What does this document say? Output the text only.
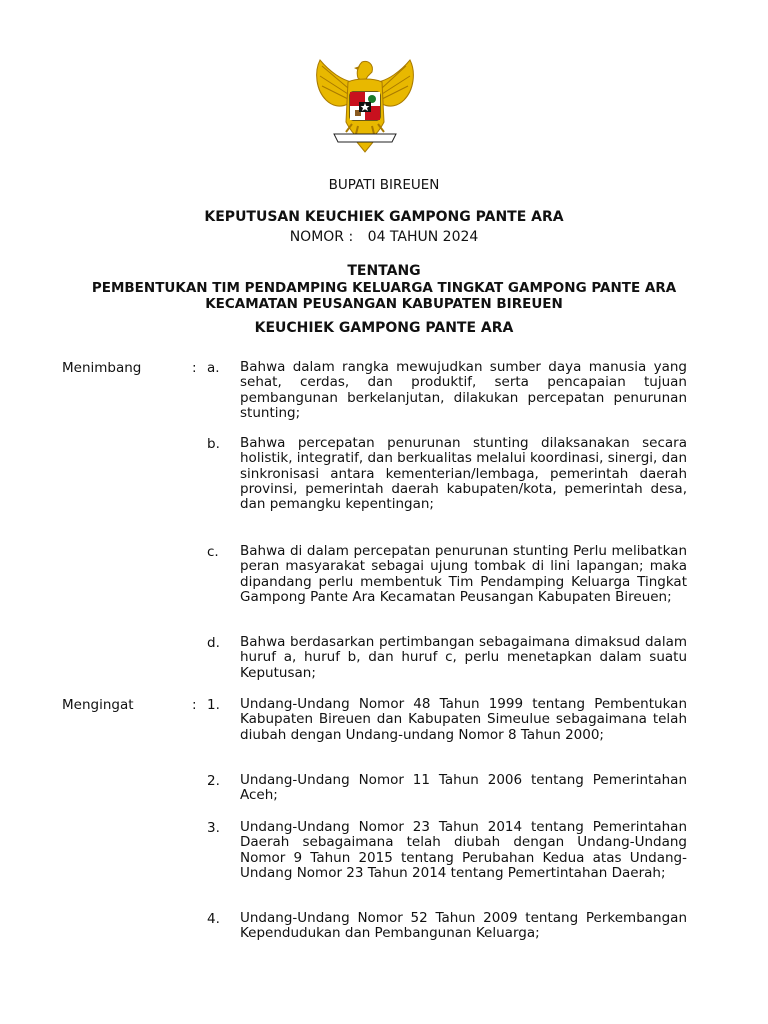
BUPATI BIREUEN
KEPUTUSAN KEUCHIEK GAMPONG PANTE ARA
NOMOR : 04 TAHUN 2024
TENTANG
PEMBENTUKAN TIM PENDAMPING KELUARGA TINGKAT GAMPONG PANTE ARA
KECAMATAN PEUSANGAN KABUPATEN BIREUEN
KEUCHIEK GAMPONG PANTE ARA
Menimbang	: a. Bahwa dalam rangka mewujudkan sumber daya manusia yang sehat, cerdas, dan produktif, serta pencapaian tujuan pembangunan berkelanjutan, dilakukan percepatan penurunan stunting;
b. Bahwa percepatan penurunan stunting dilaksanakan secara holistik, integratif, dan berkualitas melalui koordinasi, sinergi, dan sinkronisasi antara kementerian/lembaga, pemerintah daerah provinsi, pemerintah daerah kabupaten/kota, pemerintah desa, dan pemangku kepentingan;
c. Bahwa di dalam percepatan penurunan stunting Perlu melibatkan peran masyarakat sebagai ujung tombak di lini lapangan; maka dipandang perlu membentuk Tim Pendamping Keluarga Tingkat Gampong Pante Ara Kecamatan Peusangan Kabupaten Bireuen;
d. Bahwa berdasarkan pertimbangan sebagaimana dimaksud dalam huruf a, huruf b, dan huruf c, perlu menetapkan dalam suatu Keputusan;
Mengingat	: 1. Undang-Undang Nomor 48 Tahun 1999 tentang Pembentukan Kabupaten Bireuen dan Kabupaten Simeulue sebagaimana telah diubah dengan Undang-undang Nomor 8 Tahun 2000;
2. Undang-Undang Nomor 11 Tahun 2006 tentang Pemerintahan Aceh;
3. Undang-Undang Nomor 23 Tahun 2014 tentang Pemerintahan Daerah sebagaimana telah diubah dengan Undang-Undang Nomor 9 Tahun 2015 tentang Perubahan Kedua atas Undang-Undang Nomor 23 Tahun 2014 tentang Pemertintahan Daerah;
4. Undang-Undang Nomor 52 Tahun 2009 tentang Perkembangan Kependudukan dan Pembangunan Keluarga;
